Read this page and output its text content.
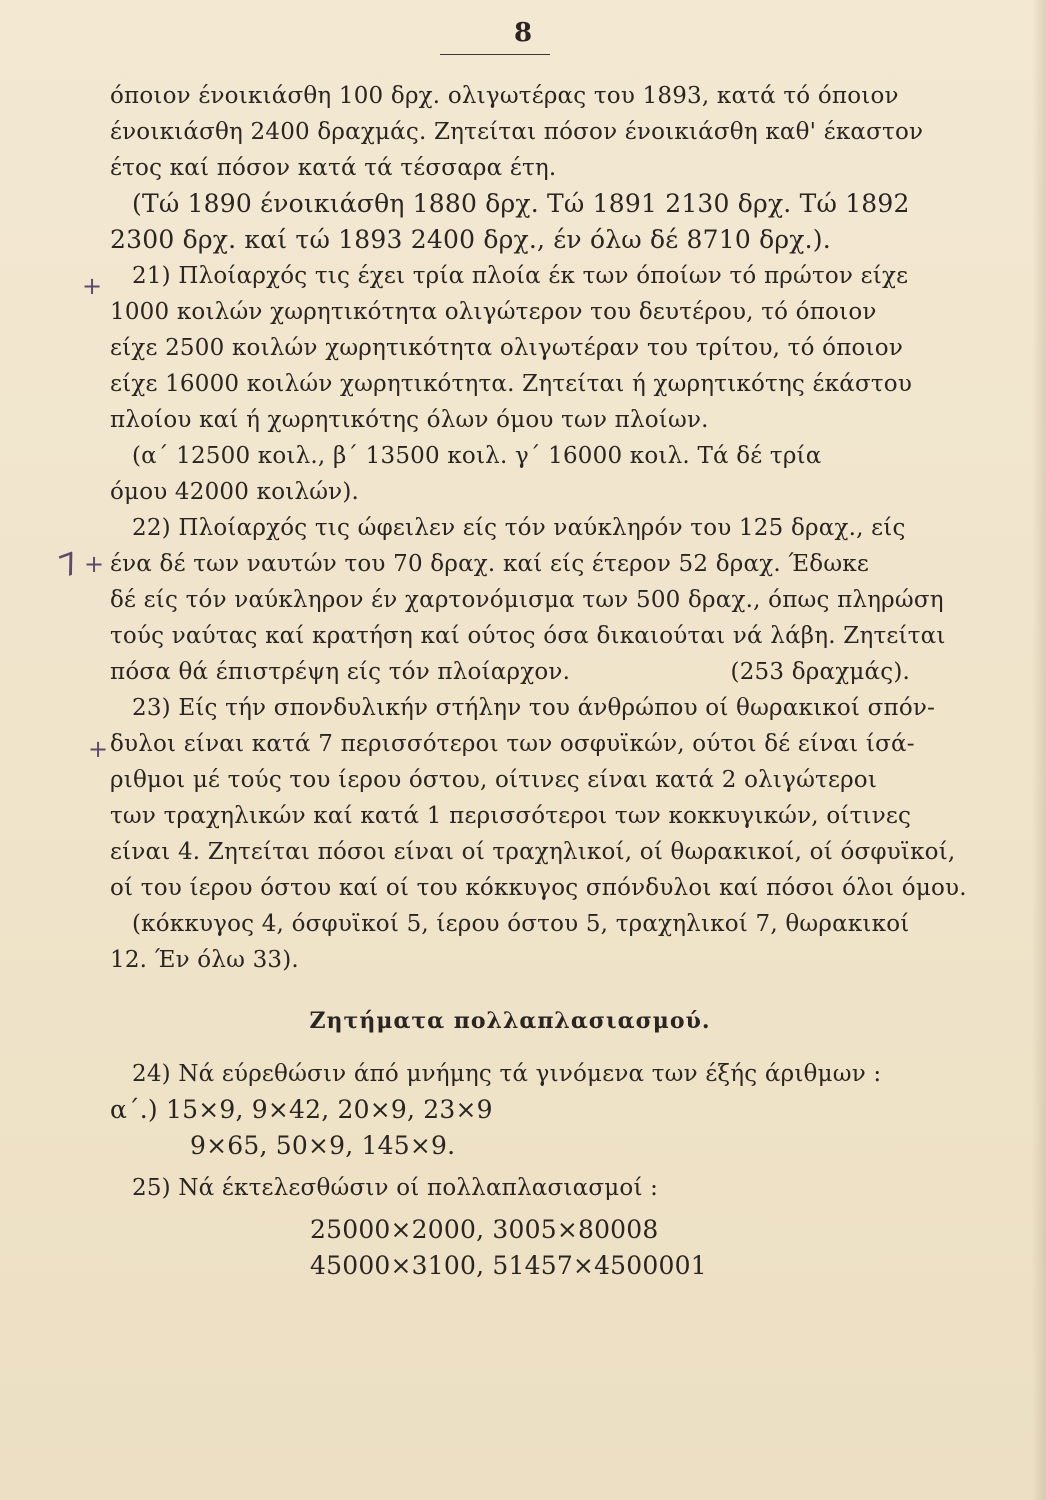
8
+
7 +
+
όποιον ένοικιάσθη 100 δρχ. ολιγωτέρας του 1893, κατά τό όποιον
ένοικιάσθη 2400 δραχμάς. Ζητείται πόσον ένοικιάσθη καθ' έκαστον
έτος καί πόσον κατά τά τέσσαρα έτη.
(Τώ 1890 ένοικιάσθη 1880 δρχ. Τώ 1891 2130 δρχ. Τώ 1892
2300 δρχ. καί τώ 1893 2400 δρχ., έν όλω δέ 8710 δρχ.).
21) Πλοίαρχός τις έχει τρία πλοία έκ των όποίων τό πρώτον είχε
1000 κοιλών χωρητικότητα ολιγώτερον του δευτέρου, τό όποιον
είχε 2500 κοιλών χωρητικότητα ολιγωτέραν του τρίτου, τό όποιον
είχε 16000 κοιλών χωρητικότητα. Ζητείται ή χωρητικότης έκάστου
πλοίου καί ή χωρητικότης όλων όμου των πλοίων.
(α΄ 12500 κοιλ., β΄ 13500 κοιλ. γ΄ 16000 κοιλ. Τά δέ τρία
όμου 42000 κοιλών).
22) Πλοίαρχός τις ώφειλεν είς τόν ναύκληρόν του 125 δραχ., είς
ένα δέ των ναυτών του 70 δραχ. καί είς έτερον 52 δραχ. Έδωκε
δέ είς τόν ναύκληρον έν χαρτονόμισμα των 500 δραχ., όπως πληρώση
τούς ναύτας καί κρατήση καί ούτος όσα δικαιούται νά λάβη. Ζητείται
πόσα θά έπιστρέψη είς τόν πλοίαρχον.	(253 δραχμάς).
23) Είς τήν σπονδυλικήν στήλην του άνθρώπου οί θωρακικοί σπόν-
δυλοι είναι κατά 7 περισσότεροι των οσφυϊκών, ούτοι δέ είναι ίσά-
ριθμοι μέ τούς του ίερου όστου, οίτινες είναι κατά 2 ολιγώτεροι
των τραχηλικών καί κατά 1 περισσότεροι των κοκκυγικών, οίτινες
είναι 4. Ζητείται πόσοι είναι οί τραχηλικοί, οί θωρακικοί, οί όσφυϊκοί,
οί του ίερου όστου καί οί του κόκκυγος σπόνδυλοι καί πόσοι όλοι όμου.
(κόκκυγος 4, όσφυϊκοί 5, ίερου όστου 5, τραχηλικοί 7, θωρακικοί
12. Έν όλω 33).
Ζητήματα πολλαπλασιασμού.
24) Νά εύρεθώσιν άπό μνήμης τά γινόμενα των έξής άριθμων :
α΄.) 15×9, 9×42, 20×9, 23×9
9×65, 50×9, 145×9.
25) Νά έκτελεσθώσιν οί πολλαπλασιασμοί :
25000×2000, 3005×80008
45000×3100, 51457×4500001
